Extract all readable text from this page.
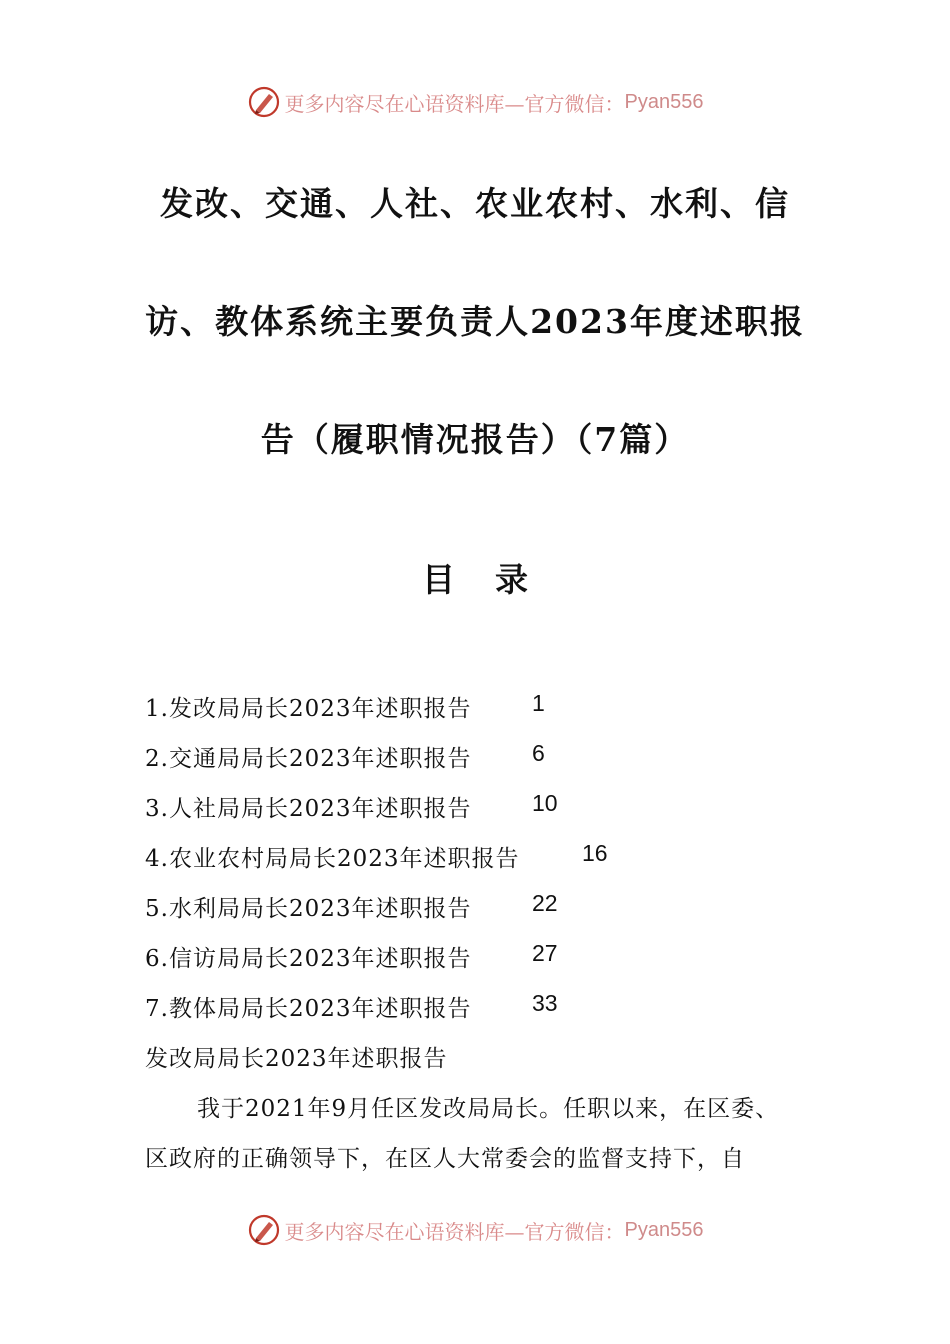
更多内容尽在心语资料库—官方微信： Pyan556
发改、交通、人社、农业农村、水利、信
访、教体系统主要负责人2023年度述职报
告（履职情况报告）（7篇）
目录
1.发改局局长2023年述职报告	1
2.交通局局长2023年述职报告	6
3.人社局局长2023年述职报告	10
4.农业农村局局长2023年述职报告	16
5.水利局局长2023年述职报告	22
6.信访局局长2023年述职报告	27
7.教体局局长2023年述职报告	33
发改局局长2023年述职报告
我于2021年9月任区发改局局长。任职以来，在区委、
区政府的正确领导下，在区人大常委会的监督支持下，自
更多内容尽在心语资料库—官方微信： Pyan556
